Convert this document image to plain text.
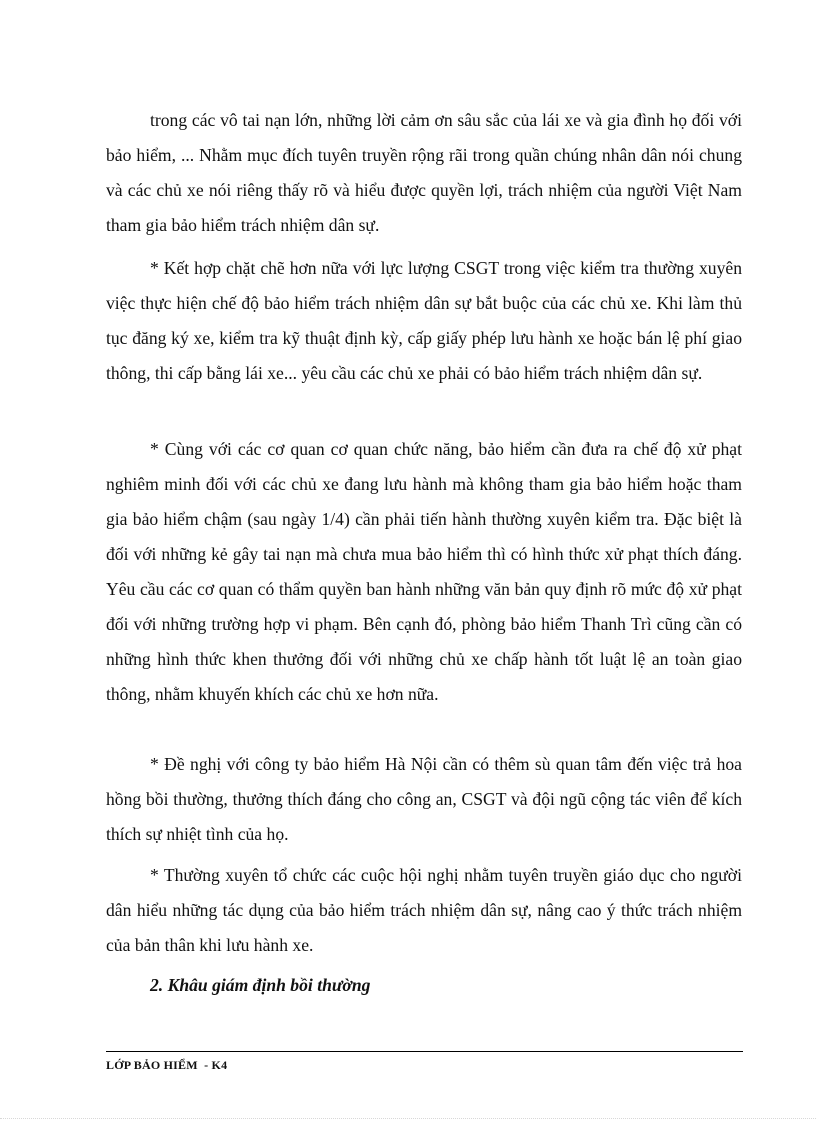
trong các vô tai nạn lớn, những lời cảm ơn sâu sắc của lái xe và gia đình họ đối với bảo hiểm, ... Nhằm mục đích tuyên truyền rộng rãi trong quần chúng nhân dân nói chung và các chủ xe nói riêng thấy rõ và hiểu được quyền lợi, trách nhiệm của người Việt Nam tham gia bảo hiểm trách nhiệm dân sự.

* Kết hợp chặt chẽ hơn nữa với lực lượng CSGT trong việc kiểm tra thường xuyên việc thực hiện chế độ bảo hiểm trách nhiệm dân sự bắt buộc của các chủ xe. Khi làm thủ tục đăng ký xe, kiểm tra kỹ thuật định kỳ, cấp giấy phép lưu hành xe hoặc bán lệ phí giao thông, thi cấp bằng lái xe... yêu cầu các chủ xe phải có bảo hiểm trách nhiệm dân sự.

* Cùng với các cơ quan cơ quan chức năng, bảo hiểm cần đưa ra chế độ xử phạt nghiêm minh đối với các chủ xe đang lưu hành mà không tham gia bảo hiểm hoặc tham gia bảo hiểm chậm (sau ngày 1/4) cần phải tiến hành thường xuyên kiểm tra. Đặc biệt là đối với những kẻ gây tai nạn mà chưa mua bảo hiểm thì có hình thức xử phạt thích đáng. Yêu cầu các cơ quan có thẩm quyền ban hành những văn bản quy định rõ mức độ xử phạt đối với những trường hợp vi phạm. Bên cạnh đó, phòng bảo hiểm Thanh Trì cũng cần có những hình thức khen thưởng đối với những chủ xe chấp hành tốt luật lệ an toàn giao thông, nhằm khuyến khích các chủ xe hơn nữa.

* Đề nghị với công ty bảo hiểm Hà Nội cần có thêm sù quan tâm đến việc trả hoa hồng bồi thường, thưởng thích đáng cho công an, CSGT và đội ngũ cộng tác viên để kích thích sự nhiệt tình của họ.

* Thường xuyên tổ chức các cuộc hội nghị nhằm tuyên truyền giáo dục cho người dân hiểu những tác dụng của bảo hiểm trách nhiệm dân sự, nâng cao ý thức trách nhiệm của bản thân khi lưu hành xe.

2. Khâu giám định bồi thường

LỚP BẢO HIỂM  - K4
